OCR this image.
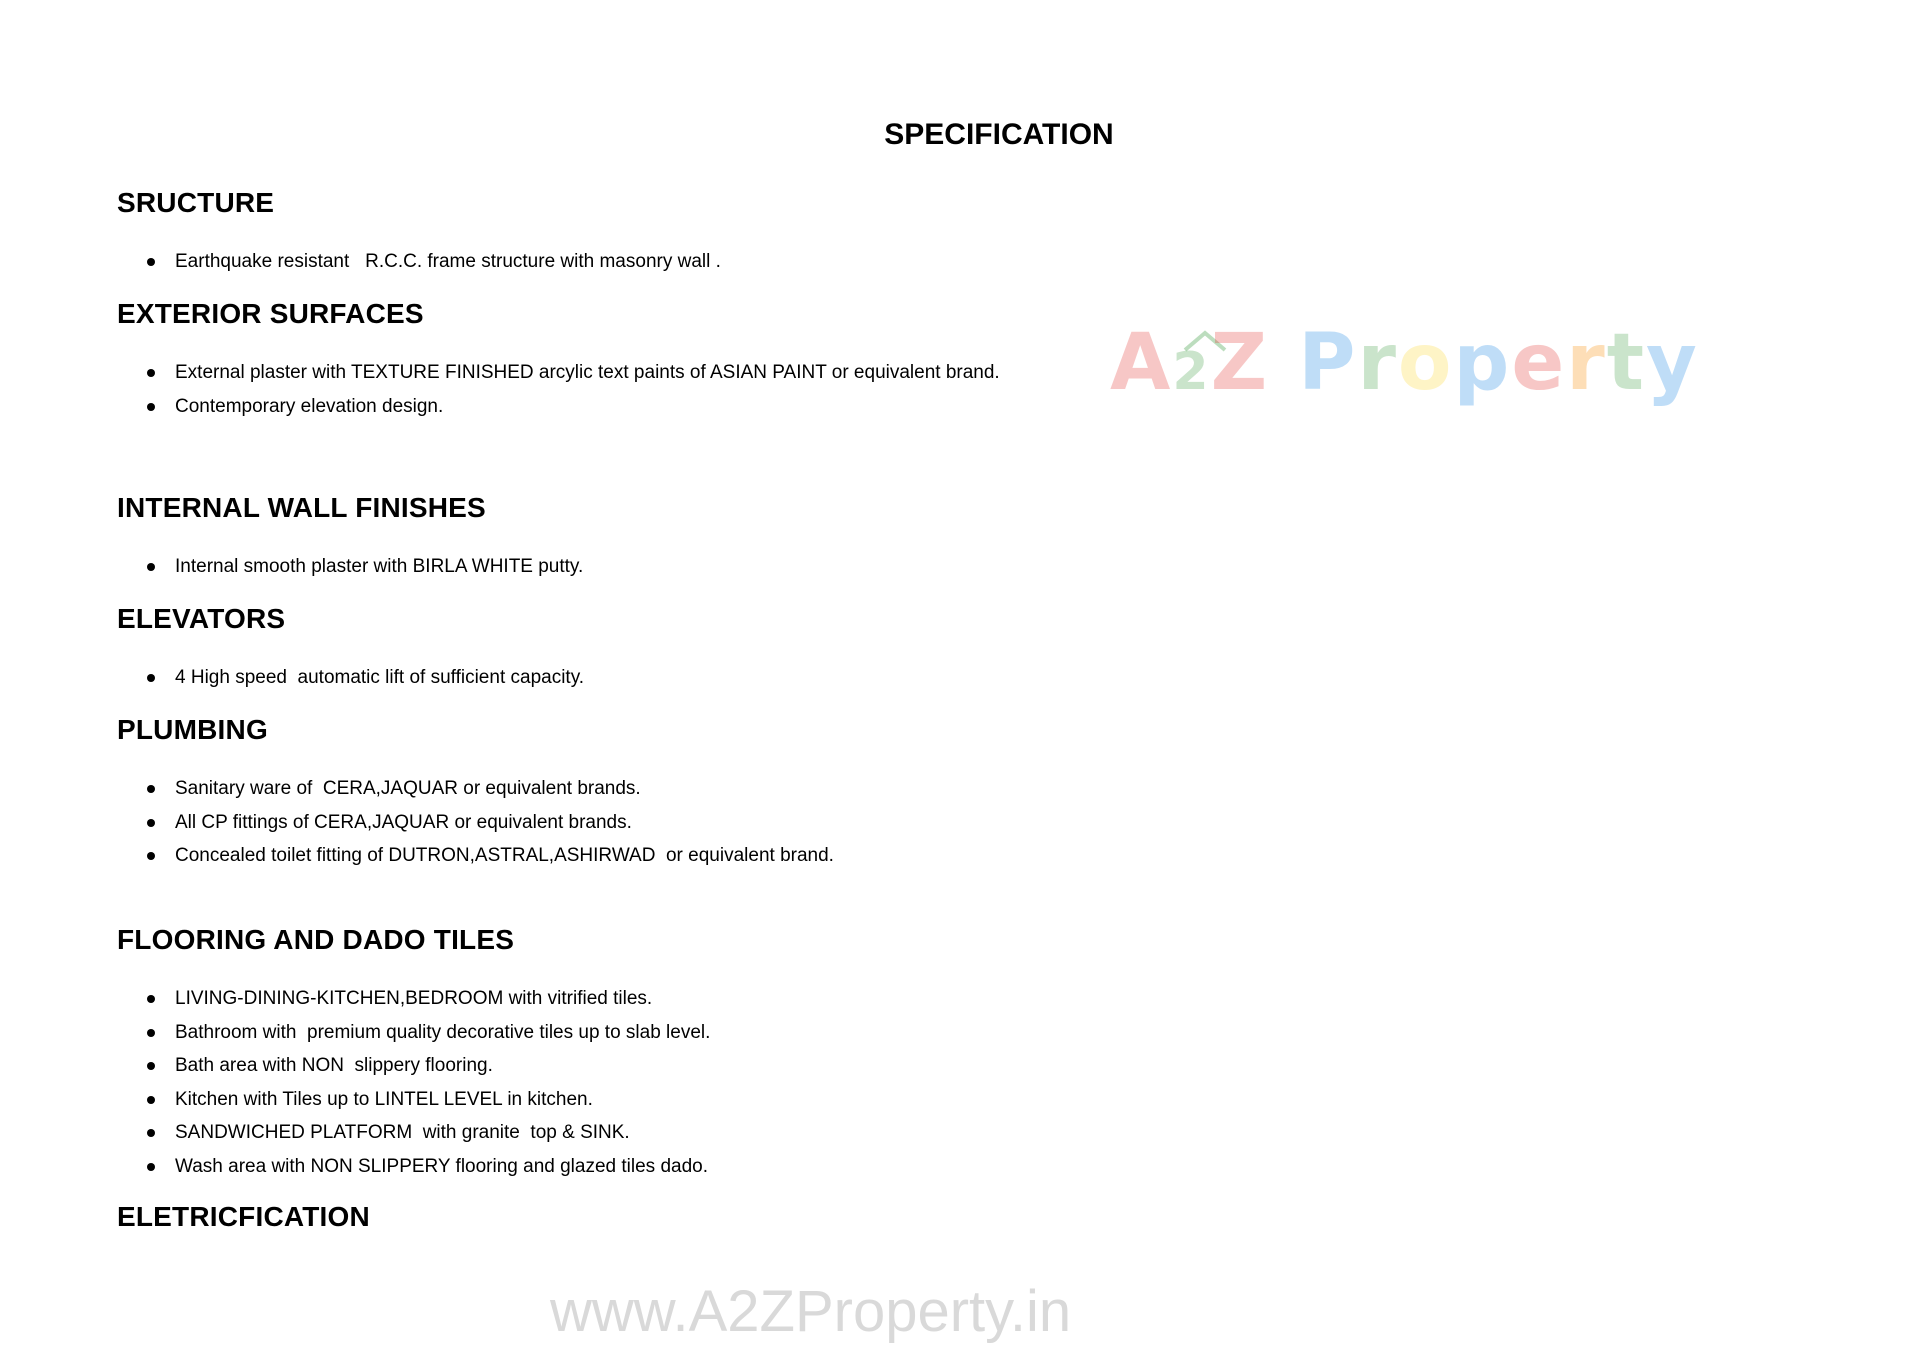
SPECIFICATION
SRUCTURE
Earthquake resistant   R.C.C. frame structure with masonry wall .
EXTERIOR SURFACES
External plaster with TEXTURE FINISHED arcylic text paints of ASIAN PAINT or equivalent brand.
Contemporary elevation design.
INTERNAL WALL FINISHES
Internal smooth plaster with BIRLA WHITE putty.
ELEVATORS
4 High speed  automatic lift of sufficient capacity.
PLUMBING
Sanitary ware of  CERA,JAQUAR or equivalent brands.
All CP fittings of CERA,JAQUAR or equivalent brands.
Concealed toilet fitting of DUTRON,ASTRAL,ASHIRWAD  or equivalent brand.
FLOORING AND DADO TILES
LIVING-DINING-KITCHEN,BEDROOM with vitrified tiles.
Bathroom with  premium quality decorative tiles up to slab level.
Bath area with NON  slippery flooring.
Kitchen with Tiles up to LINTEL LEVEL in kitchen.
SANDWICHED PLATFORM  with granite  top & SINK.
Wash area with NON SLIPPERY flooring and glazed tiles dado.
ELETRICFICATION
A2Z Property
www.A2ZProperty.in
